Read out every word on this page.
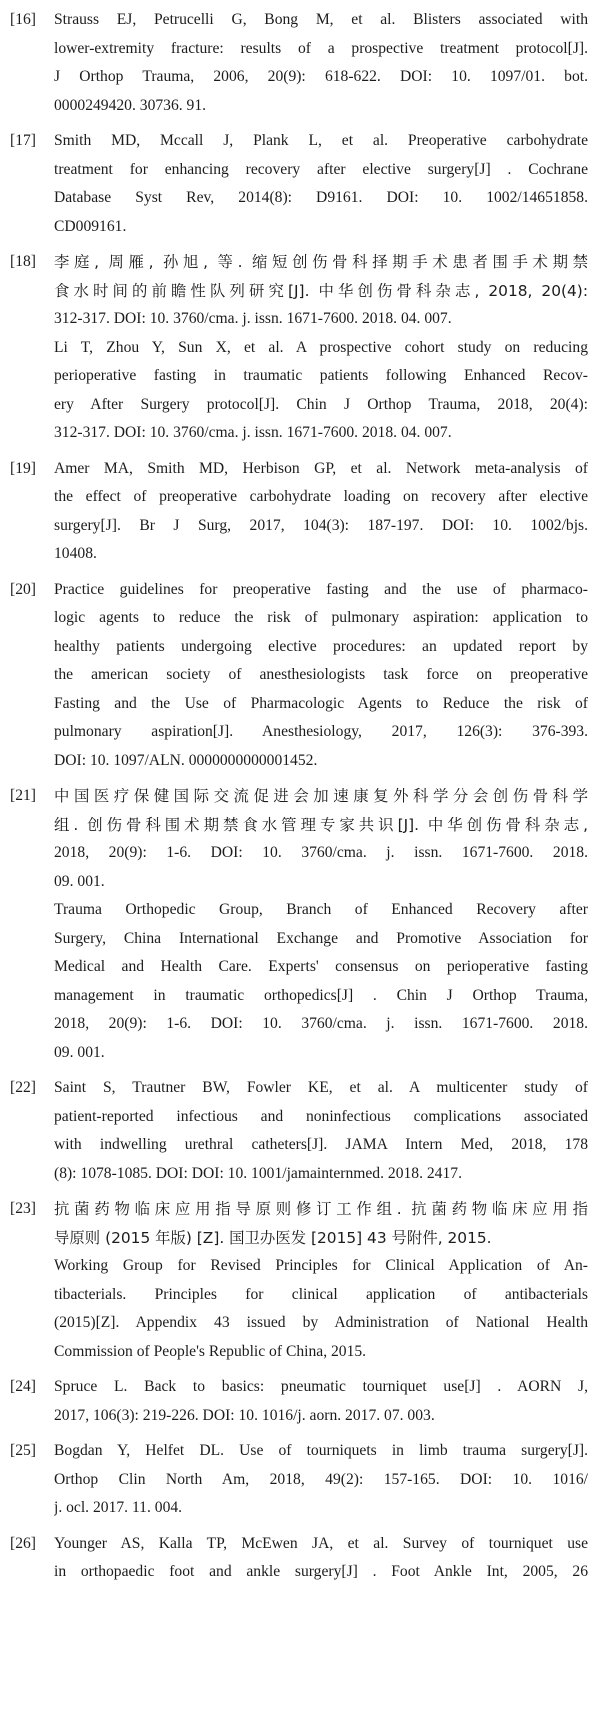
[16]	Strauss EJ, Petrucelli G, Bong M, et al. Blisters associated with
lower-extremity fracture: results of a prospective treatment protocol[J].
J Orthop Trauma, 2006, 20(9): 618-622. DOI: 10. 1097/01. bot.
0000249420. 30736. 91.
[17]	Smith MD, Mccall J, Plank L, et al. Preoperative carbohydrate
treatment for enhancing recovery after elective surgery[J] . Cochrane
Database Syst Rev, 2014(8): D9161. DOI: 10. 1002/14651858.
CD009161.
[18]	李庭, 周雁, 孙旭, 等. 缩短创伤骨科择期手术患者围手术期禁
食水时间的前瞻性队列研究[J]. 中华创伤骨科杂志, 2018, 20(4):
312-317. DOI: 10. 3760/cma. j. issn. 1671-7600. 2018. 04. 007.
Li T, Zhou Y, Sun X, et al. A prospective cohort study on reducing
perioperative fasting in traumatic patients following Enhanced Recov-
ery After Surgery protocol[J]. Chin J Orthop Trauma, 2018, 20(4):
312-317. DOI: 10. 3760/cma. j. issn. 1671-7600. 2018. 04. 007.
[19]	Amer MA, Smith MD, Herbison GP, et al. Network meta-analysis of
the effect of preoperative carbohydrate loading on recovery after elective
surgery[J]. Br J Surg, 2017, 104(3): 187-197. DOI: 10. 1002/bjs.
10408.
[20]	Practice guidelines for preoperative fasting and the use of pharmaco-
logic agents to reduce the risk of pulmonary aspiration: application to
healthy patients undergoing elective procedures: an updated report by
the american society of anesthesiologists task force on preoperative
Fasting and the Use of Pharmacologic Agents to Reduce the risk of
pulmonary aspiration[J]. Anesthesiology, 2017, 126(3): 376-393.
DOI: 10. 1097/ALN. 0000000000001452.
[21]	中国医疗保健国际交流促进会加速康复外科学分会创伤骨科学
组. 创伤骨科围术期禁食水管理专家共识[J]. 中华创伤骨科杂志,
2018, 20(9): 1-6. DOI: 10. 3760/cma. j. issn. 1671-7600. 2018.
09. 001.
Trauma Orthopedic Group, Branch of Enhanced Recovery after
Surgery, China International Exchange and Promotive Association for
Medical and Health Care. Experts' consensus on perioperative fasting
management in traumatic orthopedics[J] . Chin J Orthop Trauma,
2018, 20(9): 1-6. DOI: 10. 3760/cma. j. issn. 1671-7600. 2018.
09. 001.
[22]	Saint S, Trautner BW, Fowler KE, et al. A multicenter study of
patient-reported infectious and noninfectious complications associated
with indwelling urethral catheters[J]. JAMA Intern Med, 2018, 178
(8): 1078-1085. DOI: DOI: 10. 1001/jamainternmed. 2018. 2417.
[23]	抗菌药物临床应用指导原则修订工作组. 抗菌药物临床应用指
导原则 (2015 年版) [Z]. 国卫办医发 [2015] 43 号附件, 2015.
Working Group for Revised Principles for Clinical Application of An-
tibacterials. Principles for clinical application of antibacterials
(2015)[Z]. Appendix 43 issued by Administration of National Health
Commission of People's Republic of China, 2015.
[24]	Spruce L. Back to basics: pneumatic tourniquet use[J] . AORN J,
2017, 106(3): 219-226. DOI: 10. 1016/j. aorn. 2017. 07. 003.
[25]	Bogdan Y, Helfet DL. Use of tourniquets in limb trauma surgery[J].
Orthop Clin North Am, 2018, 49(2): 157-165. DOI: 10. 1016/
j. ocl. 2017. 11. 004.
[26]	Younger AS, Kalla TP, McEwen JA, et al. Survey of tourniquet use
in orthopaedic foot and ankle surgery[J] . Foot Ankle Int, 2005, 26
